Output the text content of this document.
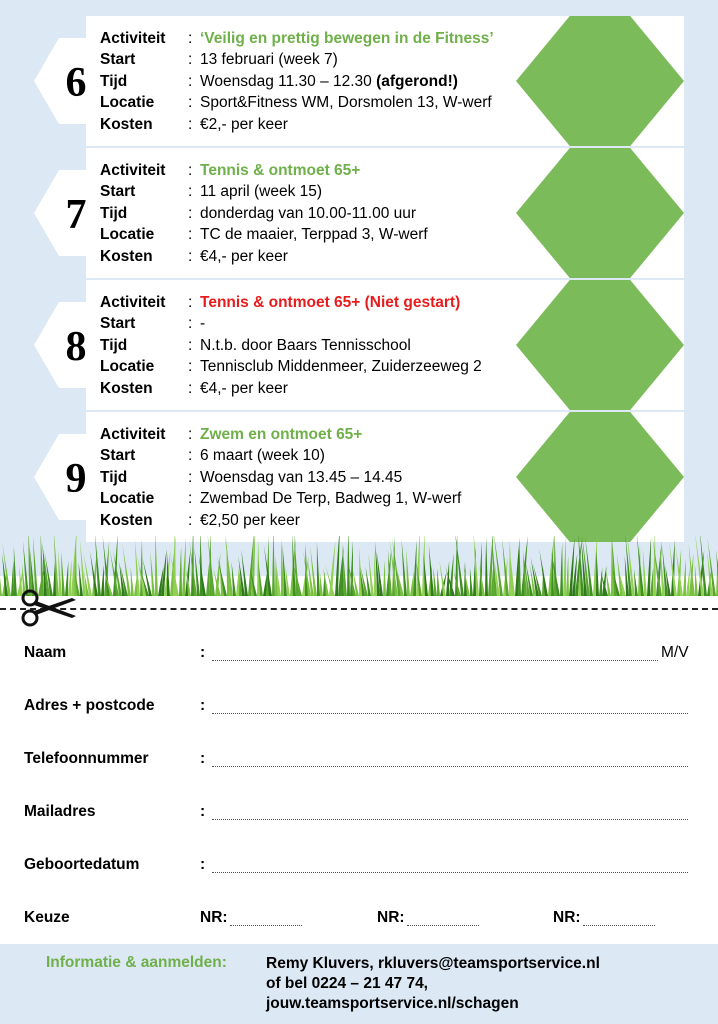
Activiteit	: ‘Veilig en prettig bewegen in de Fitness’
Start	: 13 februari (week 7)
Tijd	: Woensdag 11.30 – 12.30
(afgerond!)
Locatie	: Sport&Fitness WM, Dorsmolen 13, W-werf
Kosten	: €2,- per keer
6
Activiteit	: Tennis & ontmoet 65+
Start	: 11 april (week 15)
Tijd	: donderdag van 10.00-11.00 uur
Locatie	: TC de maaier, Terppad 3, W-werf
Kosten	: €4,- per keer
7
Activiteit	: Tennis & ontmoet 65+ (Niet gestart)
Start	: -
Tijd	: N.t.b. door Baars Tennisschool
Locatie	: Tennisclub Middenmeer, Zuiderzeeweg 2
Kosten	: €4,- per keer
8
Activiteit	: Zwem en ontmoet 65+
Start	: 6 maart (week 10)
Tijd	: Woensdag van 13.45 – 14.45
Locatie	: Zwembad De Terp, Badweg 1, W-werf
Kosten	: €2,50 per keer
9
Naam	:	M/V
Adres + postcode	:
Telefoonnummer	:
Mailadres	:
Geboortedatum	:
Keuze	NR:	NR:	NR:
Informatie & aanmelden:	Remy Kluvers, rkluvers@teamsportservice.nl
of bel 0224 – 21 47 74,
jouw.teamsportservice.nl/schagen
